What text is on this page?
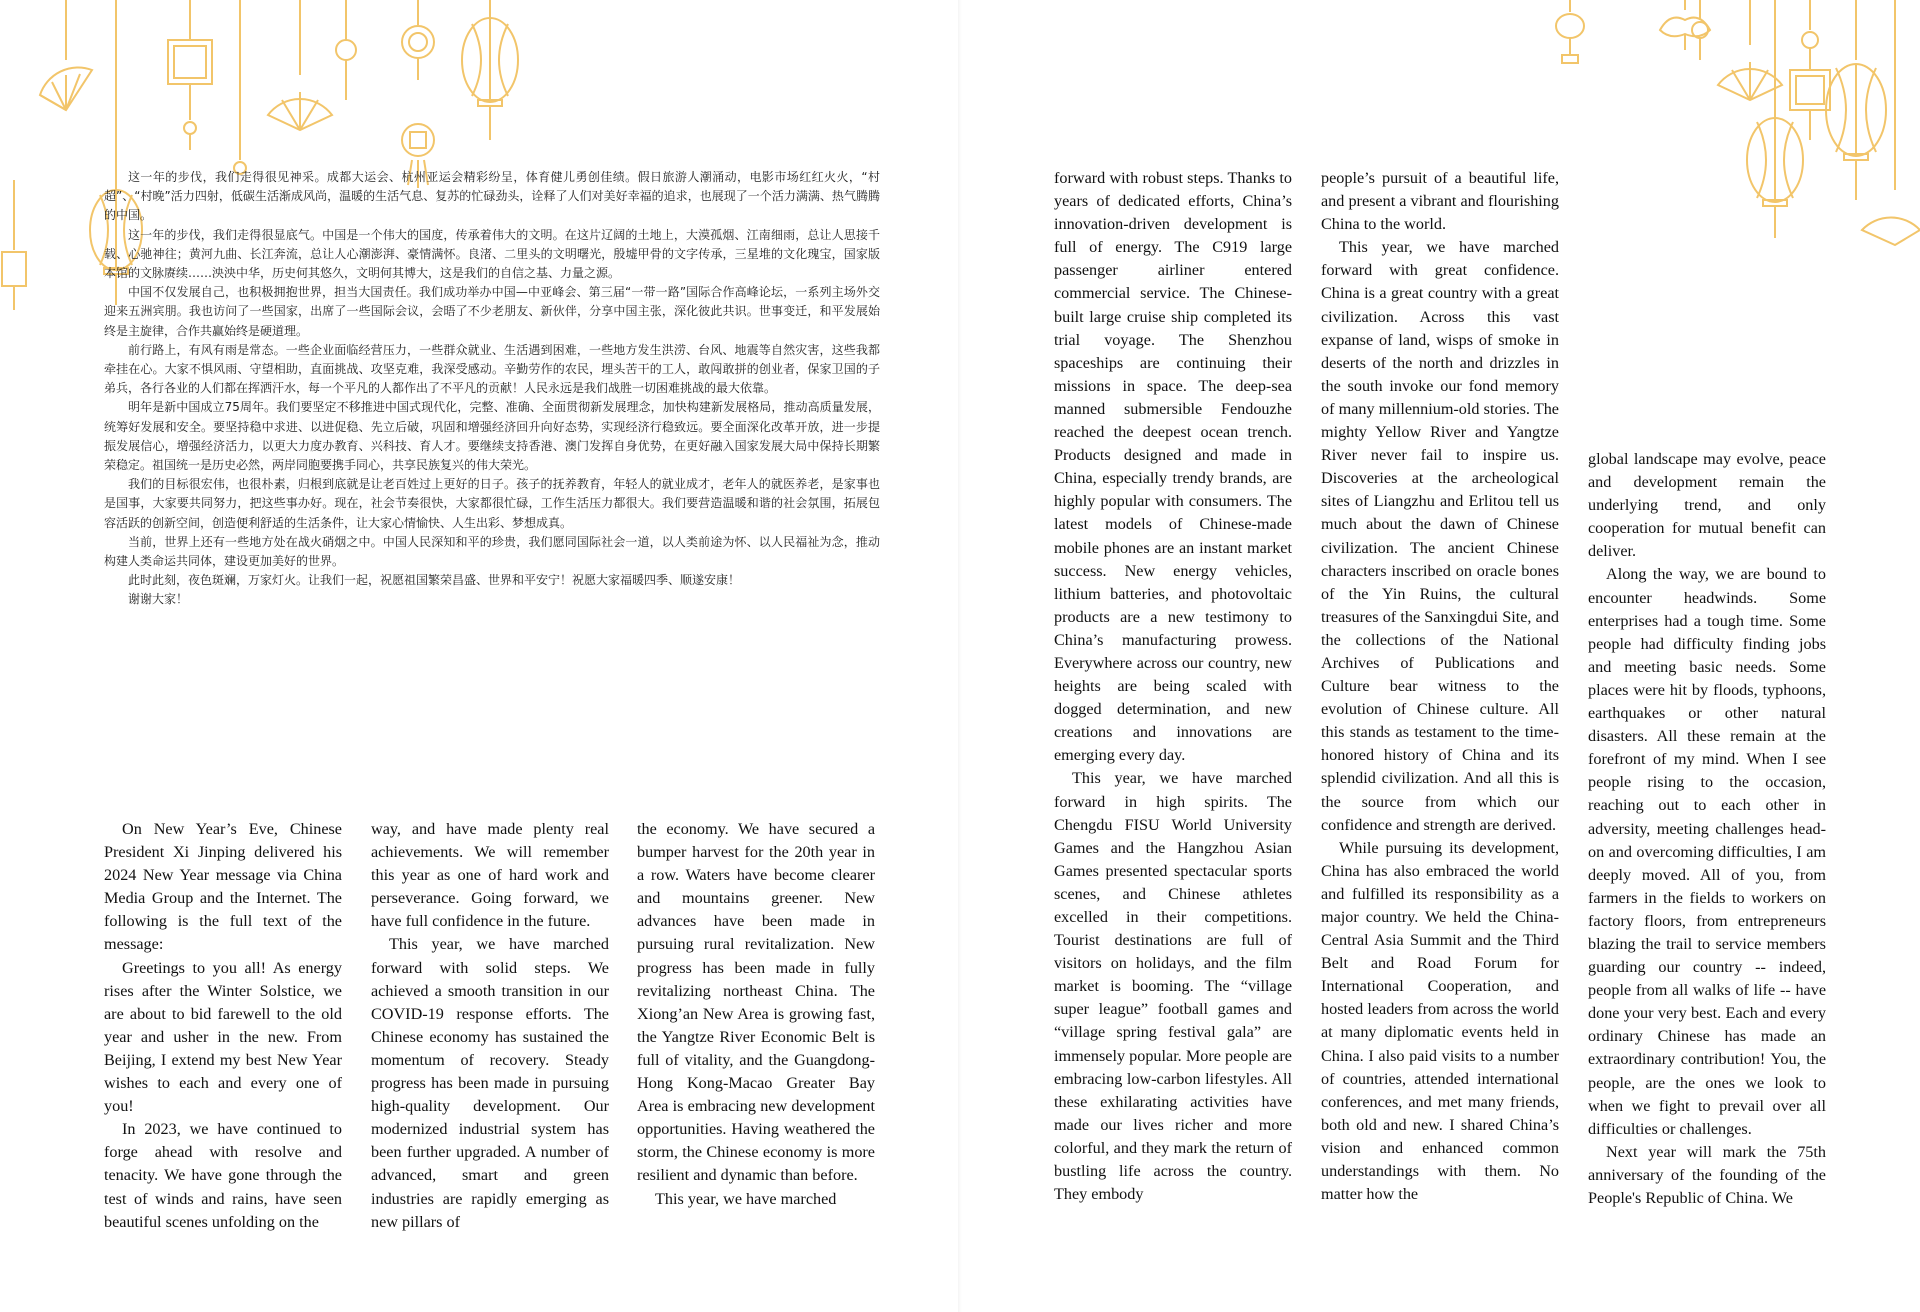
这一年的步伐，我们走得很见神采。成都大运会、杭州亚运会精彩纷呈，体育健儿勇创佳绩。假日旅游人潮涌动，电影市场红红火火，“村超”、“村晚”活力四射，低碳生活渐成风尚，温暖的生活气息、复苏的忙碌劲头，诠释了人们对美好幸福的追求，也展现了一个活力满满、热气腾腾的中国。

这一年的步伐，我们走得很显底气。中国是一个伟大的国度，传承着伟大的文明。在这片辽阔的土地上，大漠孤烟、江南细雨，总让人思接千载、心驰神往；黄河九曲、长江奔流，总让人心潮澎湃、豪情满怀。良渚、二里头的文明曙光，殷墟甲骨的文字传承，三星堆的文化瑰宝，国家版本馆的文脉赓续……泱泱中华，历史何其悠久，文明何其博大，这是我们的自信之基、力量之源。

中国不仅发展自己，也积极拥抱世界，担当大国责任。我们成功举办中国—中亚峰会、第三届“一带一路”国际合作高峰论坛，一系列主场外交迎来五洲宾朋。我也访问了一些国家，出席了一些国际会议，会晤了不少老朋友、新伙伴，分享中国主张，深化彼此共识。世事变迁，和平发展始终是主旋律，合作共赢始终是硬道理。

前行路上，有风有雨是常态。一些企业面临经营压力，一些群众就业、生活遇到困难，一些地方发生洪涝、台风、地震等自然灾害，这些我都牵挂在心。大家不惧风雨、守望相助，直面挑战、攻坚克难，我深受感动。辛勤劳作的农民，埋头苦干的工人，敢闯敢拼的创业者，保家卫国的子弟兵，各行各业的人们都在挥洒汗水，每一个平凡的人都作出了不平凡的贡献！人民永远是我们战胜一切困难挑战的最大依靠。

明年是新中国成立75周年。我们要坚定不移推进中国式现代化，完整、准确、全面贯彻新发展理念，加快构建新发展格局，推动高质量发展，统筹好发展和安全。要坚持稳中求进、以进促稳、先立后破，巩固和增强经济回升向好态势，实现经济行稳致远。要全面深化改革开放，进一步提振发展信心，增强经济活力，以更大力度办教育、兴科技、育人才。要继续支持香港、澳门发挥自身优势，在更好融入国家发展大局中保持长期繁荣稳定。祖国统一是历史必然，两岸同胞要携手同心，共享民族复兴的伟大荣光。

我们的目标很宏伟，也很朴素，归根到底就是让老百姓过上更好的日子。孩子的抚养教育，年轻人的就业成才，老年人的就医养老，是家事也是国事，大家要共同努力，把这些事办好。现在，社会节奏很快，大家都很忙碌，工作生活压力都很大。我们要营造温暖和谐的社会氛围，拓展包容活跃的创新空间，创造便利舒适的生活条件，让大家心情愉快、人生出彩、梦想成真。

当前，世界上还有一些地方处在战火硝烟之中。中国人民深知和平的珍贵，我们愿同国际社会一道，以人类前途为怀、以人民福祉为念，推动构建人类命运共同体，建设更加美好的世界。

此时此刻，夜色斑斓，万家灯火。让我们一起，祝愿祖国繁荣昌盛、世界和平安宁！祝愿大家福暖四季、顺遂安康！

谢谢大家！

On New Year’s Eve, Chinese President Xi Jinping delivered his 2024 New Year message via China Media Group and the Internet. The following is the full text of the message:

Greetings to you all! As energy rises after the Winter Solstice, we are about to bid farewell to the old year and usher in the new. From Beijing, I extend my best New Year wishes to each and every one of you!

In 2023, we have continued to forge ahead with resolve and tenacity. We have gone through the test of winds and rains, have seen beautiful scenes unfolding on the

way, and have made plenty real achievements. We will remember this year as one of hard work and perseverance. Going forward, we have full confidence in the future.

This year, we have marched forward with solid steps. We achieved a smooth transition in our COVID-19 response efforts. The Chinese economy has sustained the momentum of recovery. Steady progress has been made in pursuing high-quality development. Our modernized industrial system has been further upgraded. A number of advanced, smart and green industries are rapidly emerging as new pillars of

the economy. We have secured a bumper harvest for the 20th year in a row. Waters have become clearer and mountains greener. New advances have been made in pursuing rural revitalization. New progress has been made in fully revitalizing northeast China. The Xiong’an New Area is growing fast, the Yangtze River Economic Belt is full of vitality, and the Guangdong-Hong Kong-Macao Greater Bay Area is embracing new development opportunities. Having weathered the storm, the Chinese economy is more resilient and dynamic than before.

This year, we have marched

forward with robust steps. Thanks to years of dedicated efforts, China’s innovation-driven development is full of energy. The C919 large passenger airliner entered commercial service. The Chinese-built large cruise ship completed its trial voyage. The Shenzhou spaceships are continuing their missions in space. The deep-sea manned submersible Fendouzhe reached the deepest ocean trench. Products designed and made in China, especially trendy brands, are highly popular with consumers. The latest models of Chinese-made mobile phones are an instant market success. New energy vehicles, lithium batteries, and photovoltaic products are a new testimony to China’s manufacturing prowess. Everywhere across our country, new heights are being scaled with dogged determination, and new creations and innovations are emerging every day.

This year, we have marched forward in high spirits. The Chengdu FISU World University Games and the Hangzhou Asian Games presented spectacular sports scenes, and Chinese athletes excelled in their competitions. Tourist destinations are full of visitors on holidays, and the film market is booming. The “village super league” football games and “village spring festival gala” are immensely popular. More people are embracing low-carbon lifestyles. All these exhilarating activities have made our lives richer and more colorful, and they mark the return of bustling life across the country. They embody

people’s pursuit of a beautiful life, and present a vibrant and flourishing China to the world.

This year, we have marched forward with great confidence. China is a great country with a great civilization. Across this vast expanse of land, wisps of smoke in deserts of the north and drizzles in the south invoke our fond memory of many millennium-old stories. The mighty Yellow River and Yangtze River never fail to inspire us. Discoveries at the archeological sites of Liangzhu and Erlitou tell us much about the dawn of Chinese civilization. The ancient Chinese characters inscribed on oracle bones of the Yin Ruins, the cultural treasures of the Sanxingdui Site, and the collections of the National Archives of Publications and Culture bear witness to the evolution of Chinese culture. All this stands as testament to the time-honored history of China and its splendid civilization. And all this is the source from which our confidence and strength are derived.

While pursuing its development, China has also embraced the world and fulfilled its responsibility as a major country. We held the China-Central Asia Summit and the Third Belt and Road Forum for International Cooperation, and hosted leaders from across the world at many diplomatic events held in China. I also paid visits to a number of countries, attended international conferences, and met many friends, both old and new. I shared China’s vision and enhanced common understandings with them. No matter how the

global landscape may evolve, peace and development remain the underlying trend, and only cooperation for mutual benefit can deliver.

Along the way, we are bound to encounter headwinds. Some enterprises had a tough time. Some people had difficulty finding jobs and meeting basic needs. Some places were hit by floods, typhoons, earthquakes or other natural disasters. All these remain at the forefront of my mind. When I see people rising to the occasion, reaching out to each other in adversity, meeting challenges head-on and overcoming difficulties, I am deeply moved. All of you, from farmers in the fields to workers on factory floors, from entrepreneurs blazing the trail to service members guarding our country -- indeed, people from all walks of life -- have done your very best. Each and every ordinary Chinese has made an extraordinary contribution! You, the people, are the ones we look to when we fight to prevail over all difficulties or challenges.

Next year will mark the 75th anniversary of the founding of the People's Republic of China. We
